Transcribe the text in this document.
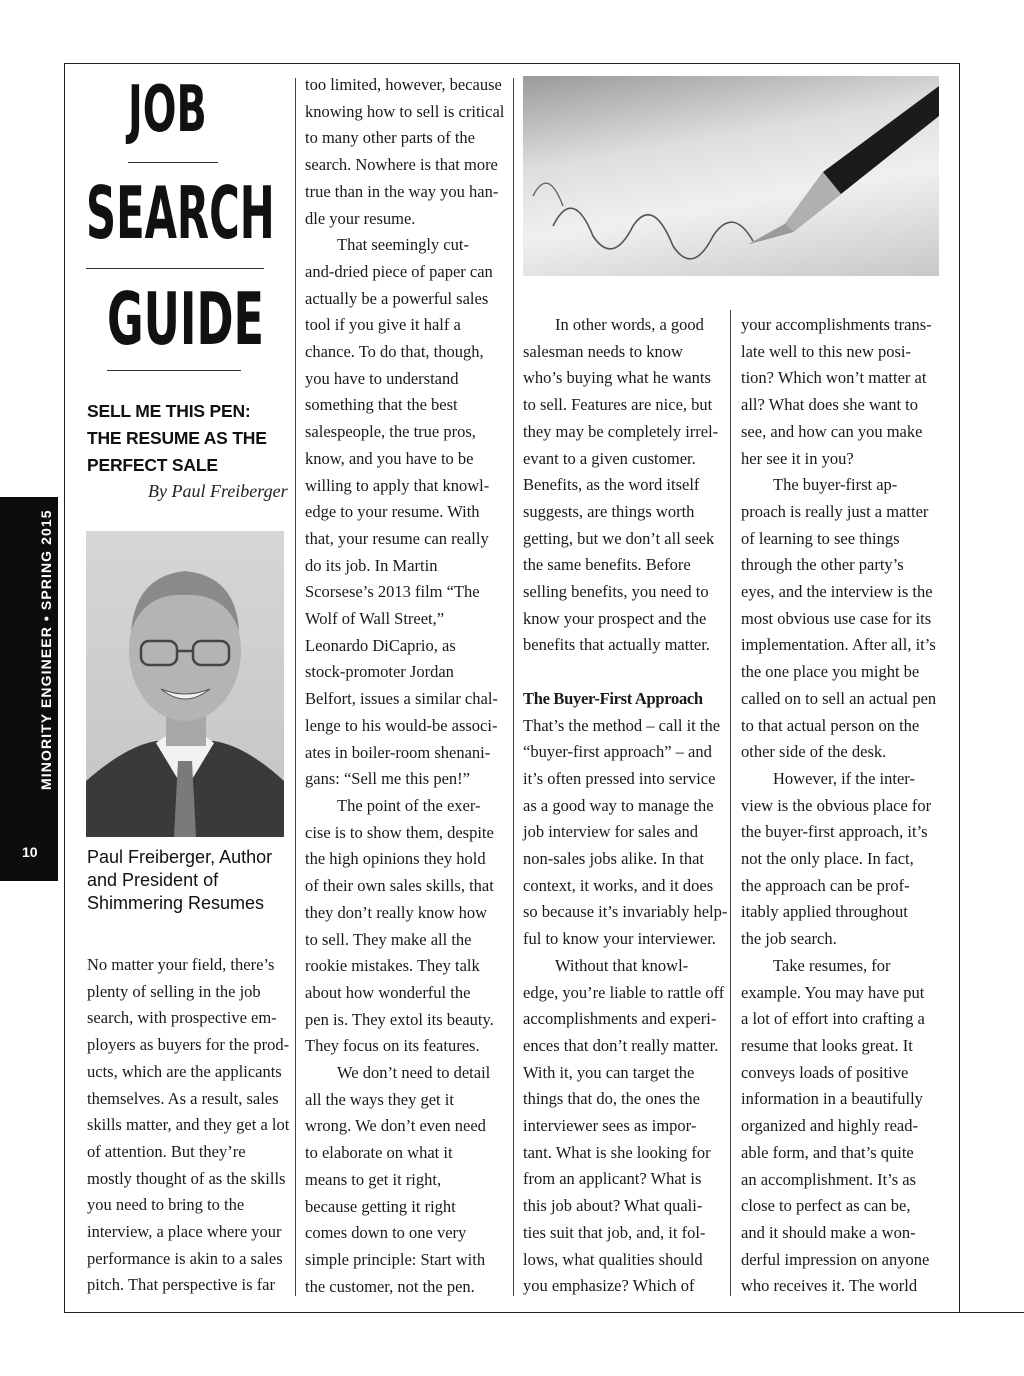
MINORITY ENGINEER • SPRING 2015
10
JOB
SEARCH
GUIDE
SELL ME THIS PEN:
THE RESUME AS THE
PERFECT SALE
By Paul Freiberger
Paul Freiberger, Author
and President of
Shimmering Resumes
No matter your field, there’s
plenty of selling in the job
search, with prospective em-
ployers as buyers for the prod-
ucts, which are the applicants
themselves. As a result, sales
skills matter, and they get a lot
of attention. But they’re
mostly thought of as the skills
you need to bring to the
interview, a place where your
performance is akin to a sales
pitch. That perspective is far
too limited, however, because
knowing how to sell is critical
to many other parts of the
search. Nowhere is that more
true than in the way you han-
dle your resume.
That seemingly cut-
and-dried piece of paper can
actually be a powerful sales
tool if you give it half a
chance. To do that, though,
you have to understand
something that the best
salespeople, the true pros,
know, and you have to be
willing to apply that knowl-
edge to your resume. With
that, your resume can really
do its job. In Martin
Scorsese’s 2013 film “The
Wolf of Wall Street,”
Leonardo DiCaprio, as
stock-promoter Jordan
Belfort, issues a similar chal-
lenge to his would-be associ-
ates in boiler-room shenani-
gans: “Sell me this pen!”
The point of the exer-
cise is to show them, despite
the high opinions they hold
of their own sales skills, that
they don’t really know how
to sell. They make all the
rookie mistakes. They talk
about how wonderful the
pen is. They extol its beauty.
They focus on its features.
We don’t need to detail
all the ways they get it
wrong. We don’t even need
to elaborate on what it
means to get it right,
because getting it right
comes down to one very
simple principle: Start with
the customer, not the pen.
In other words, a good
salesman needs to know
who’s buying what he wants
to sell. Features are nice, but
they may be completely irrel-
evant to a given customer.
Benefits, as the word itself
suggests, are things worth
getting, but we don’t all seek
the same benefits. Before
selling benefits, you need to
know your prospect and the
benefits that actually matter.
The Buyer-First Approach
That’s the method – call it the
“buyer-first approach” – and
it’s often pressed into service
as a good way to manage the
job interview for sales and
non-sales jobs alike. In that
context, it works, and it does
so because it’s invariably help-
ful to know your interviewer.
Without that knowl-
edge, you’re liable to rattle off
accomplishments and experi-
ences that don’t really matter.
With it, you can target the
things that do, the ones the
interviewer sees as impor-
tant. What is she looking for
from an applicant? What is
this job about? What quali-
ties suit that job, and, it fol-
lows, what qualities should
you emphasize? Which of
your accomplishments trans-
late well to this new posi-
tion? Which won’t matter at
all? What does she want to
see, and how can you make
her see it in you?
The buyer-first ap-
proach is really just a matter
of learning to see things
through the other party’s
eyes, and the interview is the
most obvious use case for its
implementation. After all, it’s
the one place you might be
called on to sell an actual pen
to that actual person on the
other side of the desk.
However, if the inter-
view is the obvious place for
the buyer-first approach, it’s
not the only place. In fact,
the approach can be prof-
itably applied throughout
the job search.
Take resumes, for
example. You may have put
a lot of effort into crafting a
resume that looks great. It
conveys loads of positive
information in a beautifully
organized and highly read-
able form, and that’s quite
an accomplishment. It’s as
close to perfect as can be,
and it should make a won-
derful impression on anyone
who receives it. The world
